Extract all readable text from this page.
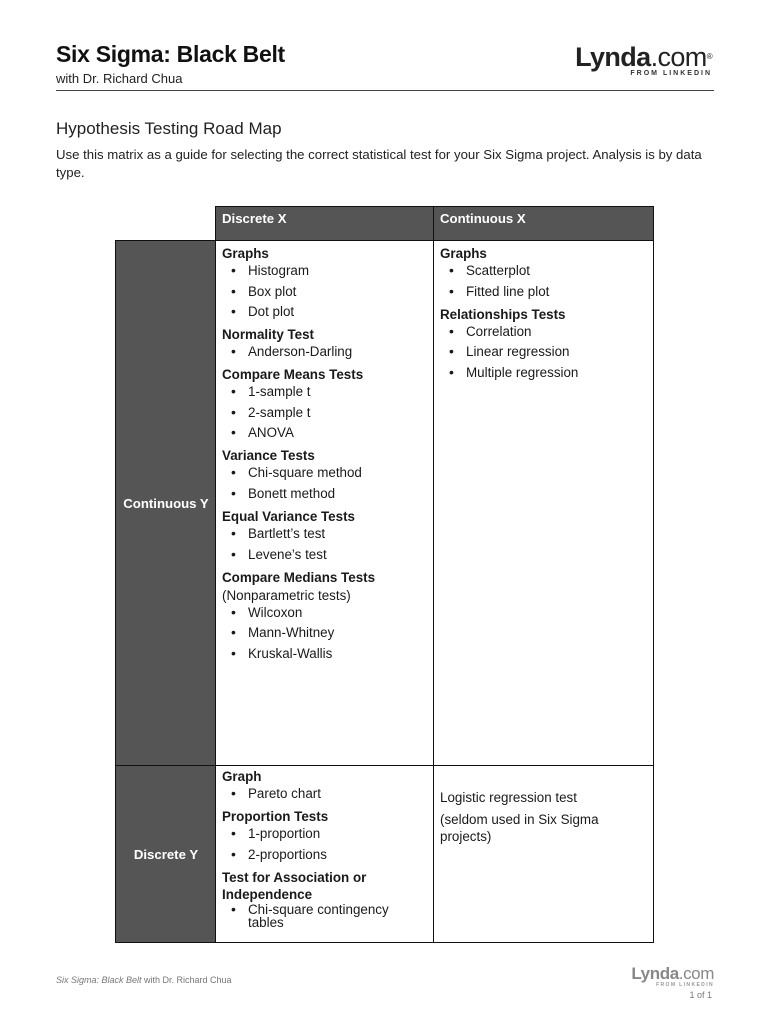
Six Sigma: Black Belt
with Dr. Richard Chua
Lynda.com®
FROM LINKEDIN
Hypothesis Testing Road Map
Use this matrix as a guide for selecting the correct statistical test for your Six Sigma project. Analysis is by data type.
Discrete X	Continuous X
Continuous Y
Discrete Y
Graphs
• Histogram
• Box plot
• Dot plot
Normality Test
• Anderson-Darling
Compare Means Tests
• 1-sample t
• 2-sample t
• ANOVA
Variance Tests
• Chi-square method
• Bonett method
Equal Variance Tests
• Bartlett’s test
• Levene’s test
Compare Medians Tests
(Nonparametric tests)
• Wilcoxon
• Mann-Whitney
• Kruskal-Wallis
Graphs
• Scatterplot
• Fitted line plot
Relationships Tests
• Correlation
• Linear regression
• Multiple regression
Graph
• Pareto chart
Proportion Tests
• 1-proportion
• 2-proportions
Test for Association or Independence
• Chi-square contingency tables
Logistic regression test
(seldom used in Six Sigma projects)
Six Sigma: Black Belt with Dr. Richard Chua	Lynda.com
FROM LINKEDIN
1 of 1
